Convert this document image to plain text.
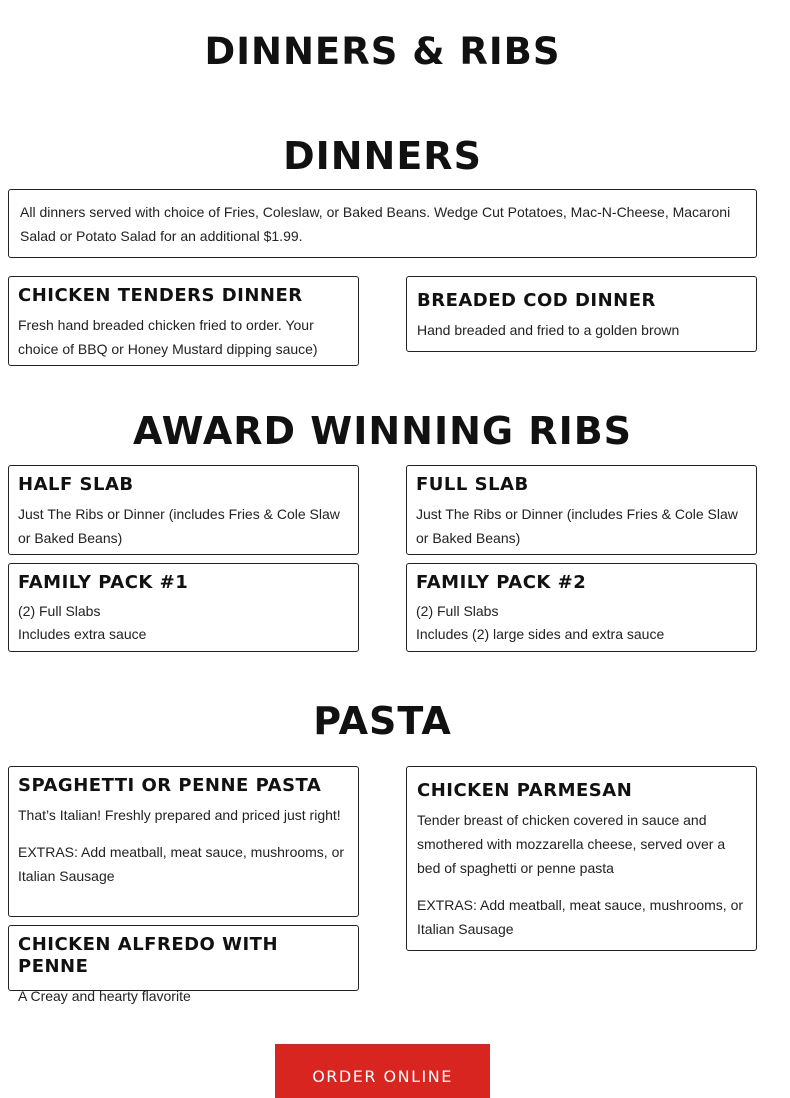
DINNERS & RIBS
DINNERS
All dinners served with choice of Fries, Coleslaw, or Baked Beans. Wedge Cut Potatoes, Mac-N-Cheese, Macaroni Salad or Potato Salad for an additional $1.99.
CHICKEN TENDERS DINNER
Fresh hand breaded chicken fried to order. Your choice of BBQ or Honey Mustard dipping sauce)
BREADED COD DINNER
Hand breaded and fried to a golden brown
AWARD WINNING RIBS
HALF SLAB
Just The Ribs or Dinner (includes Fries & Cole Slaw or Baked Beans)
FULL SLAB
Just The Ribs or Dinner (includes Fries & Cole Slaw or Baked Beans)
FAMILY PACK #1
(2) Full Slabs
Includes extra sauce
FAMILY PACK #2
(2) Full Slabs
Includes (2) large sides and extra sauce
PASTA
SPAGHETTI OR PENNE PASTA
That’s Italian! Freshly prepared and priced just right!
EXTRAS: Add meatball, meat sauce, mushrooms, or Italian Sausage
CHICKEN PARMESAN
Tender breast of chicken covered in sauce and smothered with mozzarella cheese, served over a bed of spaghetti or penne pasta
EXTRAS: Add meatball, meat sauce, mushrooms, or Italian Sausage
CHICKEN ALFREDO WITH PENNE
A Creay and hearty flavorite
ORDER ONLINE
